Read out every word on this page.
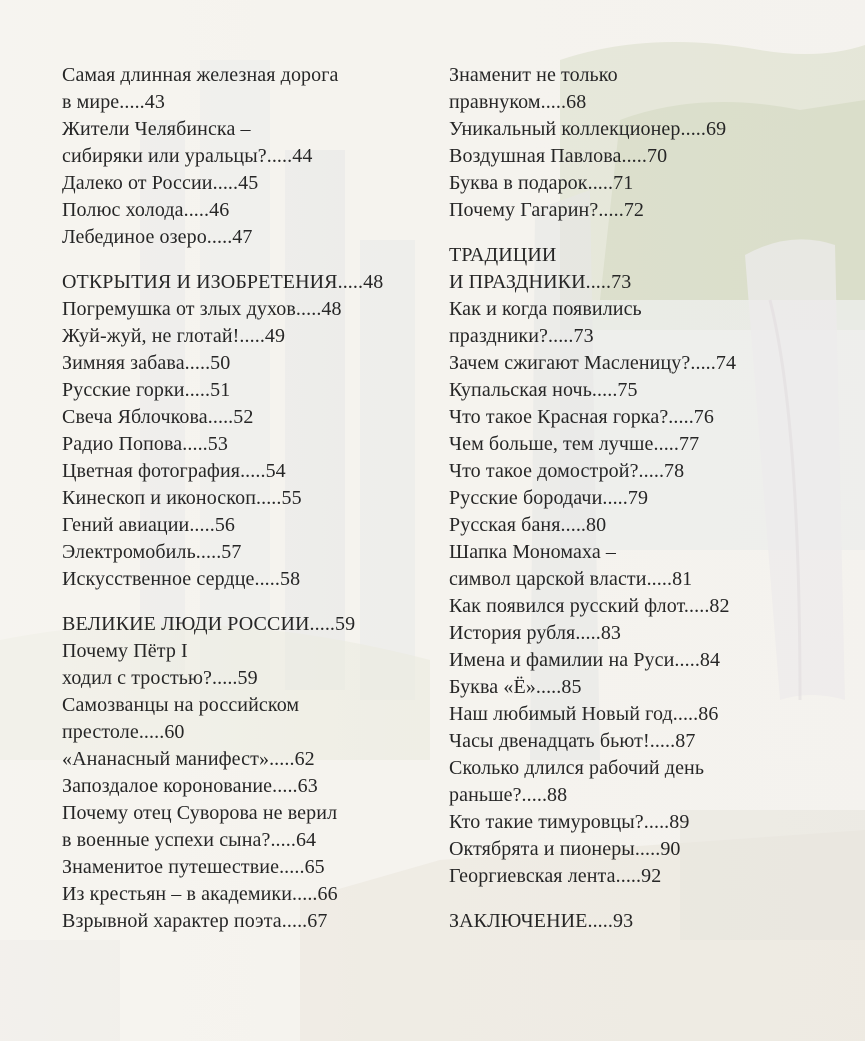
Самая длинная железная дорога
в мире.....43
Жители Челябинска –
сибиряки или уральцы?.....44
Далеко от России.....45
Полюс холода.....46
Лебединое озеро.....47
ОТКРЫТИЯ И ИЗОБРЕТЕНИЯ.....48
Погремушка от злых духов.....48
Жуй-жуй, не глотай!.....49
Зимняя забава.....50
Русские горки.....51
Свеча Яблочкова.....52
Радио Попова.....53
Цветная фотография.....54
Кинескоп и иконоскоп.....55
Гений авиации.....56
Электромобиль.....57
Искусственное сердце.....58
ВЕЛИКИЕ ЛЮДИ РОССИИ.....59
Почему Пётр I
ходил с тростью?.....59
Самозванцы на российском
престоле.....60
«Ананасный манифест».....62
Запоздалое коронование.....63
Почему отец Суворова не верил
в военные успехи сына?.....64
Знаменитое путешествие.....65
Из крестьян – в академики.....66
Взрывной характер поэта.....67
Знаменит не только
правнуком.....68
Уникальный коллекционер.....69
Воздушная Павлова.....70
Буква в подарок.....71
Почему Гагарин?.....72
ТРАДИЦИИ
И ПРАЗДНИКИ.....73
Как и когда появились
праздники?.....73
Зачем сжигают Масленицу?.....74
Купальская ночь.....75
Что такое Красная горка?.....76
Чем больше, тем лучше.....77
Что такое домострой?.....78
Русские бородачи.....79
Русская баня.....80
Шапка Мономаха –
символ царской власти.....81
Как появился русский флот.....82
История рубля.....83
Имена и фамилии на Руси.....84
Буква «Ё».....85
Наш любимый Новый год.....86
Часы двенадцать бьют!.....87
Сколько длился рабочий день
раньше?.....88
Кто такие тимуровцы?.....89
Октябрята и пионеры.....90
Георгиевская лента.....92
ЗАКЛЮЧЕНИЕ.....93
